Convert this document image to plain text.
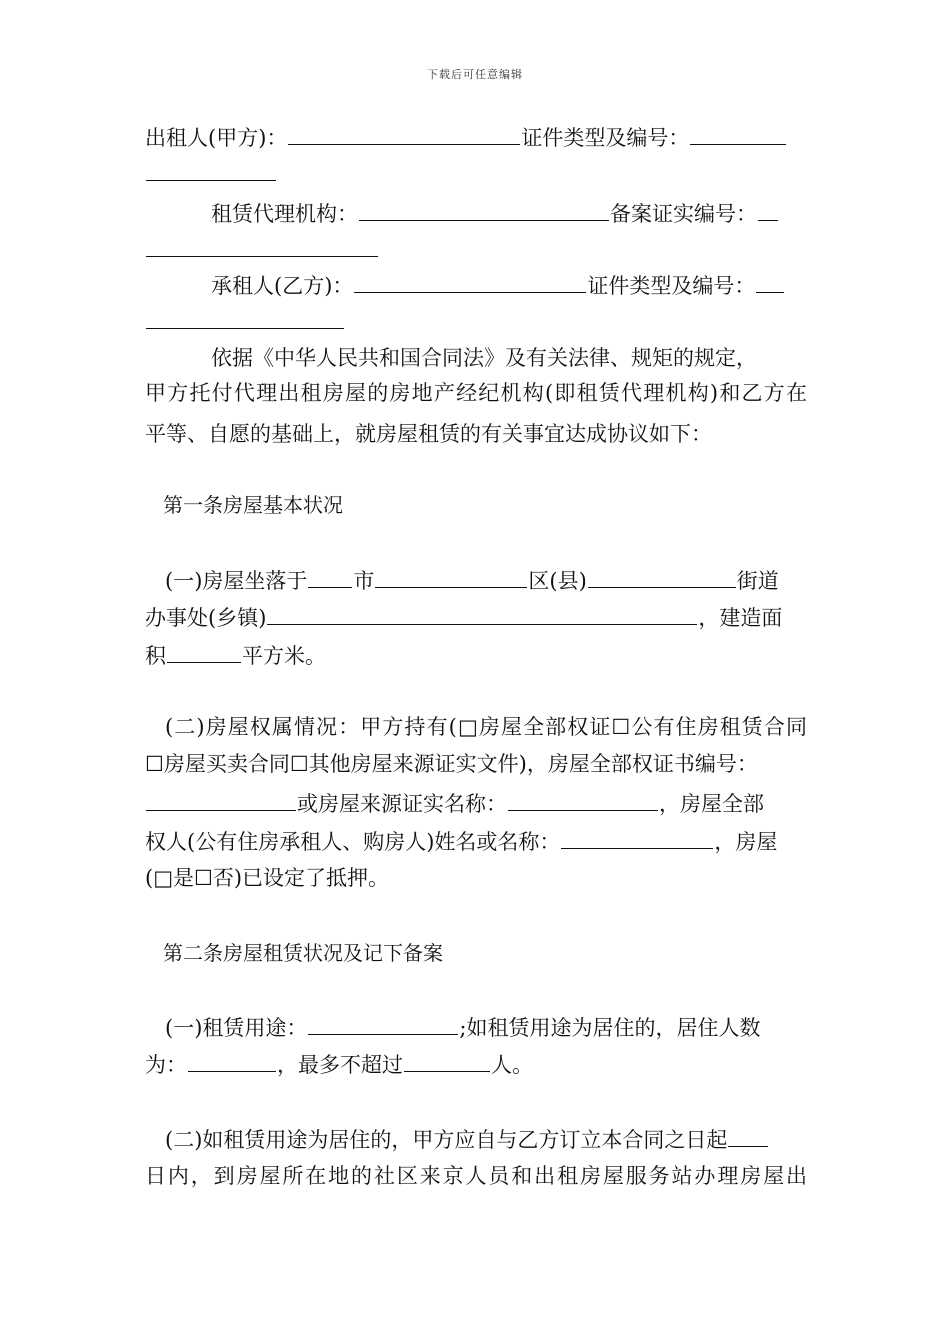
下载后可任意编辑
出租人(甲方)：	证件类型及编号：
租赁代理机构：	备案证实编号：
承租人(乙方)：	证件类型及编号：
依据《中华人民共和国合同法》及有关法律、规矩的规定，
甲方托付代理出租房屋的房地产经纪机构(即租赁代理机构)和乙方在
平等、自愿的基础上，就房屋租赁的有关事宜达成协议如下：
第一条房屋基本状况
(一)房屋坐落于 市	区(县)	街道
办事处(乡镇)	，建造面
积	平方米。
(二)房屋权属情况：甲方持有(□房屋全部权证☐公有住房租赁合同
☐房屋买卖合同☐其他房屋来源证实文件)，房屋全部权证书编号：
或房屋来源证实名称：	，房屋全部
权人(公有住房承租人、购房人)姓名或名称：	，房屋
(□是☐否)已设定了抵押。
第二条房屋租赁状况及记下备案
(一)租赁用途：	;如租赁用途为居住的，居住人数
为：	，最多不超过	人。
(二)如租赁用途为居住的，甲方应自与乙方订立本合同之日起
日内，到房屋所在地的社区来京人员和出租房屋服务站办理房屋出
